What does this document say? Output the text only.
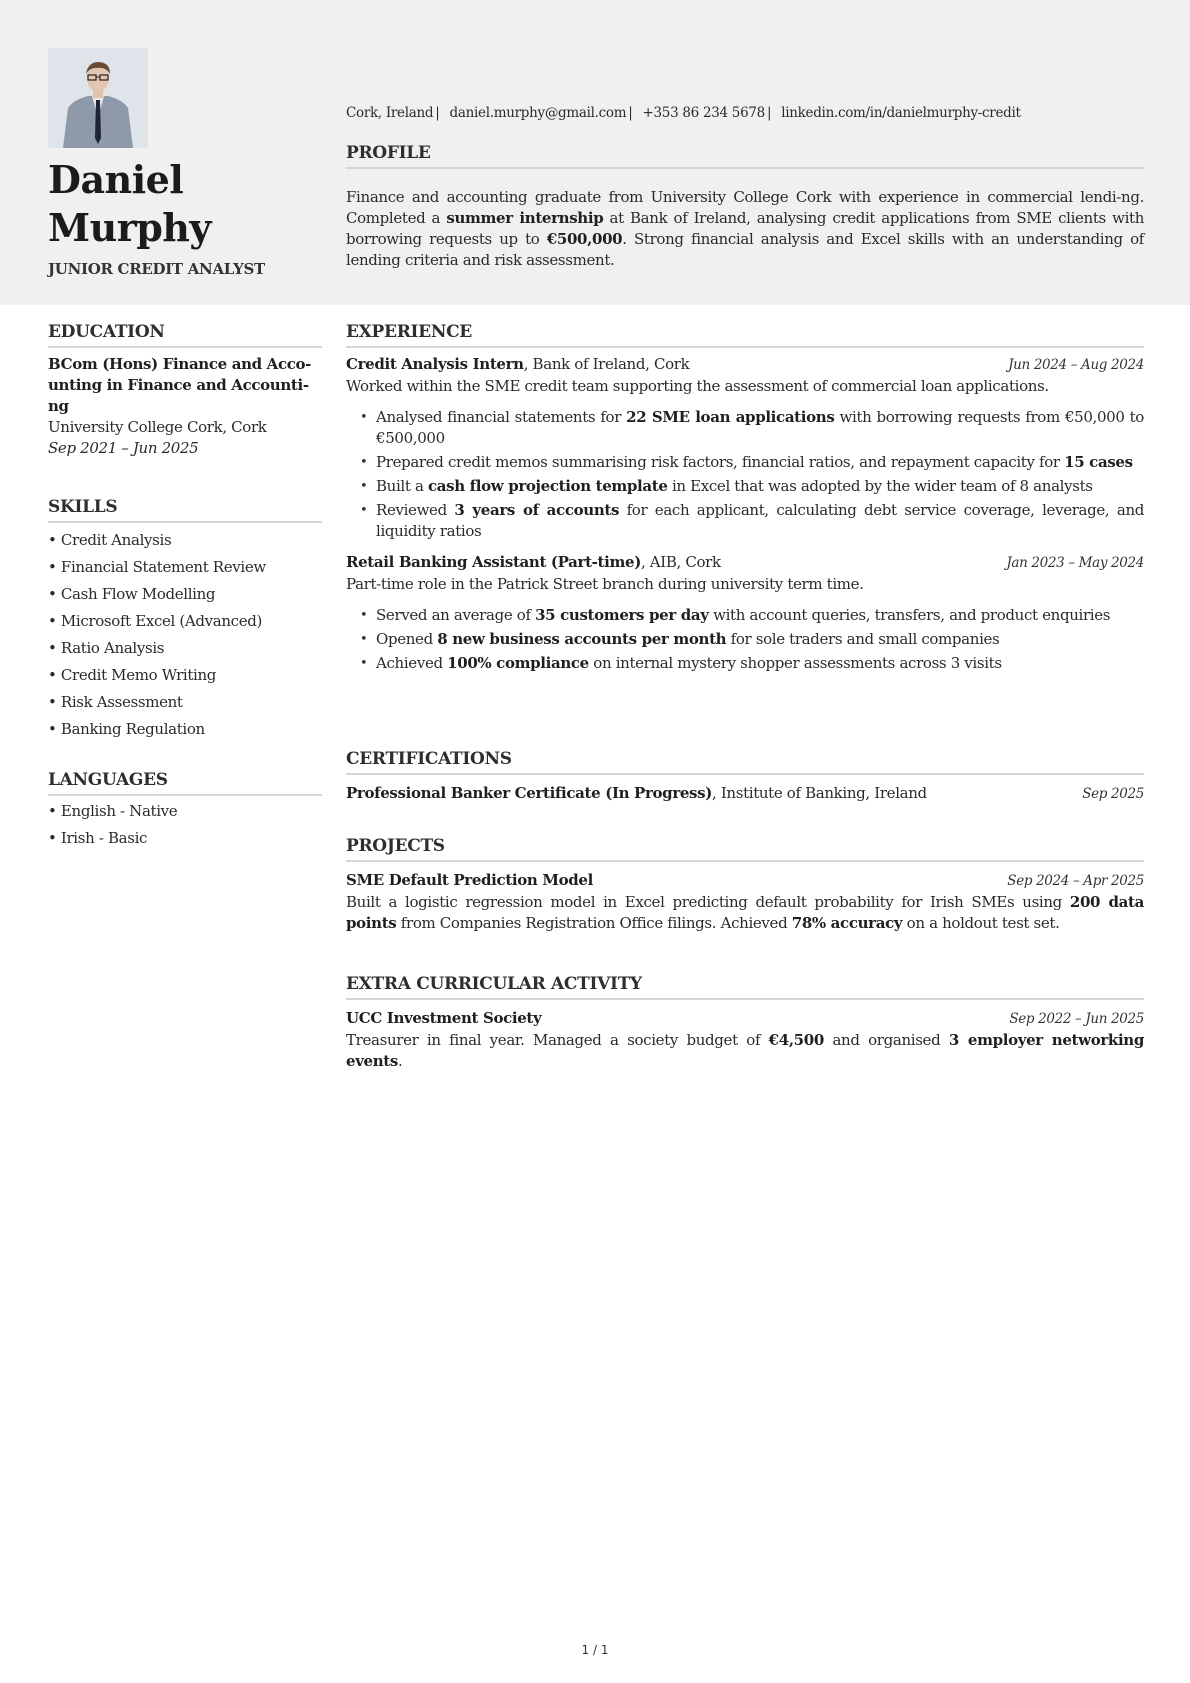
Daniel
Murphy
JUNIOR CREDIT ANALYST
Cork, Ireland | daniel.murphy@gmail.com | +353 86 234 5678 | linkedin.com/in/danielmurphy-credit
PROFILE

Finance and accounting graduate from University College Cork with experience in commercial lendi-ng. Completed a summer internship at Bank of Ireland, analysing credit applications from SME clients with borrowing requests up to €500,000. Strong financial analysis and Excel skills with an understanding of lending criteria and risk assessment.

EDUCATION
BCom (Hons) Finance and Acco-unting in Finance and Accounti-ng
University College Cork, Cork
Sep 2021 – Jun 2025
SKILLS
• Credit Analysis
• Financial Statement Review
• Cash Flow Modelling
• Microsoft Excel (Advanced)
• Ratio Analysis
• Credit Memo Writing
• Risk Assessment
• Banking Regulation
LANGUAGES
• English - Native
• Irish - Basic
EXPERIENCE
Credit Analysis Intern, Bank of Ireland, Cork	Jun 2024 – Aug 2024
Worked within the SME credit team supporting the assessment of commercial loan applications.
• Analysed financial statements for 22 SME loan applications with borrowing requests from €50,000 to €500,000
• Prepared credit memos summarising risk factors, financial ratios, and repayment capacity for 15 cases
• Built a cash flow projection template in Excel that was adopted by the wider team of 8 analysts
• Reviewed 3 years of accounts for each applicant, calculating debt service coverage, leverage, and liquidity ratios
Retail Banking Assistant (Part-time), AIB, Cork	Jan 2023 – May 2024
Part-time role in the Patrick Street branch during university term time.
• Served an average of 35 customers per day with account queries, transfers, and product enquiries
• Opened 8 new business accounts per month for sole traders and small companies
• Achieved 100% compliance on internal mystery shopper assessments across 3 visits
CERTIFICATIONS
Professional Banker Certificate (In Progress), Institute of Banking, Ireland	Sep 2025
PROJECTS
SME Default Prediction Model	Sep 2024 – Apr 2025

Built a logistic regression model in Excel predicting default probability for Irish SMEs using 200 data points from Companies Registration Office filings. Achieved 78% accuracy on a holdout test set.

EXTRA CURRICULAR ACTIVITY
UCC Investment Society	Sep 2022 – Jun 2025

Treasurer in final year. Managed a society budget of €4,500 and organised 3 employer networking events.

1 / 1
